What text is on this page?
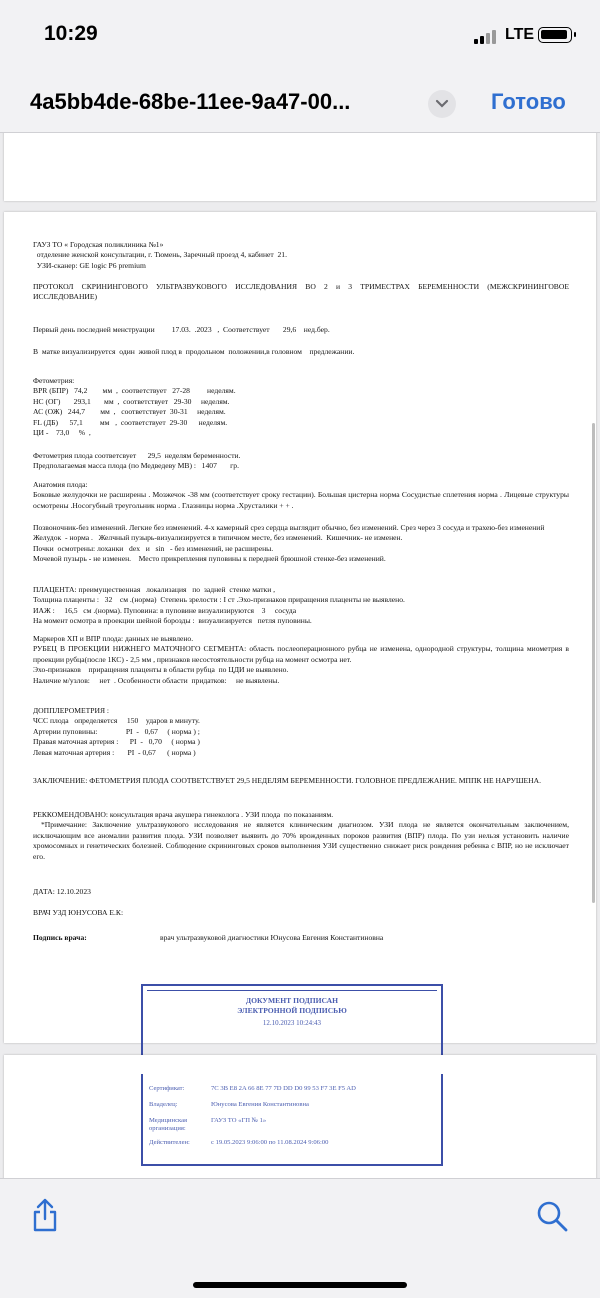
10:29	LTE
4a5bb4de-68be-11ee-9a47-00...	Готово
ГАУЗ ТО « Городская поликлиника №1»
отделение женской консультации, г. Тюмень, Заречный проезд 4, кабинет  21.
УЗИ-сканер: GE logic P6 premium
ПРОТОКОЛ СКРИНИНГОВОГО УЛЬТРАЗВУКОВОГО ИССЛЕДОВАНИЯ ВО 2 и 3 ТРИМЕСТРАХ БЕРЕМЕННОСТИ (МЕЖСКРИНИНГОВОЕ ИССЛЕДОВАНИЕ)
Первый день последней менструации         17.03.  .2023   ,  Соответствует       29,6    нед.бер.
В  матке визуализируется  один  живой плод в  продольном  положении,в головном    предлежании.
Фетометрия:
BPR (БПР)   74,2        мм  ,  соответствует   27-28         неделям.
НС (ОГ)       293,1       мм  ,  соответствует   29-30     неделям.
АС (ОЖ)   244,7        мм  ,   соответствует  30-31     неделям.
FL (ДБ)      57,1         мм   ,  соответствует  29-30      неделям.
ЦИ -    73,0     %  ,
Фетометрия плода соответсвует      29,5  неделям беременности.
Предполагаемая масса плода (по Медведеву МВ) :   1407       гр.
Анатомия плода:
Боковые желудочки не расширены . Мозжечок -38 мм (соответствует сроку гестации). Большая цистерна норма Сосудистые сплетения норма . Лицевые структуры осмотрены .Носогубный треугольник норма . Глазницы норма .Хрусталики + + .
Позвоночник-без изменений. Легкие без изменений. 4-х камерный срез сердца выглядит обычно, без изменений. Срез через 3 сосуда и трахею-без изменений
Желудок  - норма .   Желчный пузырь-визуализируется в типичном месте, без изменений.  Кишечник- не изменен.
Почки  осмотрены: лоханки   dex   и   sin   - без изменений, не расширены.
Мочевой пузырь - не изменен.    Место прикрепления пуповины к передней брюшной стенке-без изменений.
ПЛАЦЕНТА: преимущественная   локализация   по  задней  стенке матки ,
Толщина плаценты :   32    см .(норма)  Степень зрелости : I ст .Эхо-признаков приращения плаценты не выявлено.
ИАЖ :     16,5   см .(норма). Пуповина: в пуповине визуализируются    3     сосуда
На момент осмотра в проекции шейной борозды :  визуализируется   петля пуповины.
Маркеров ХП и ВПР плода: данных не выявлено.
РУБЕЦ В ПРОЕКЦИИ НИЖНЕГО МАТОЧНОГО СЕГМЕНТА: область послеоперационного рубца не изменена, однородной структуры, толщина миометрия в проекции рубца(после 1КС) - 2,5 мм , признаков несостоятельности рубца на момент осмотра нет.
Эхо-признаков    приращения плаценты в области рубца  по ЦДИ не выявлено.
Наличие м/узлов:     нет  . Особенности области  придатков:     не выявлены.
ДОППЛЕРОМЕТРИЯ :
ЧСС плода   определяется     150    ударов в минуту.
Артерии пуповины:               PI  -   0,67     ( норма ) ;
Правая маточная артерия :      PI  -   0,70     ( норма )
Левая маточная артерия :       PI  - 0,67      ( норма )
ЗАКЛЮЧЕНИЕ: ФЕТОМЕТРИЯ ПЛОДА СООТВЕТСТВУЕТ 29,5 НЕДЕЛЯМ БЕРЕМЕННОСТИ. ГОЛОВНОЕ ПРЕДЛЕЖАНИЕ. МППК НЕ НАРУШЕНА.
РЕККОМЕНДОВАНО: консультация врача акушера гинеколога . УЗИ плода  по показаниям.
*Примечание: Заключение ультразвукового исследования не является клиническим диагнозом. УЗИ плода не является окончательным заключением, исключающим все аномалии развития плода. УЗИ позволяет выявить до 70% врожденных пороков развития (ВПР) плода. По узи нельзя установить наличие хромосомных и генетических болезней. Соблюдение скрининговых сроков выполнения УЗИ существенно снижает риск рождения ребенка с ВПР, но не исключает его.
ДАТА: 12.10.2023
ВРАЧ УЗД ЮНУСОВА Е.К:
Подпись врача:	врач ультразвуковой диагностики Юнусова Евгения Константиновна
ДОКУМЕНТ ПОДПИСАН
ЭЛЕКТРОННОЙ ПОДПИСЬЮ
12.10.2023 10:24:43
Сертификат:	7C 3B E8 2A 66 8E 77 7D DD D0 99 53 F7 3E F5 AD
Владелец:	Юнусова Евгения Константиновна
Медицинская организация:
ГАУЗ ТО «ГП № 1»
Действителен:	с 19.05.2023 9:06:00 по 11.08.2024 9:06:00
